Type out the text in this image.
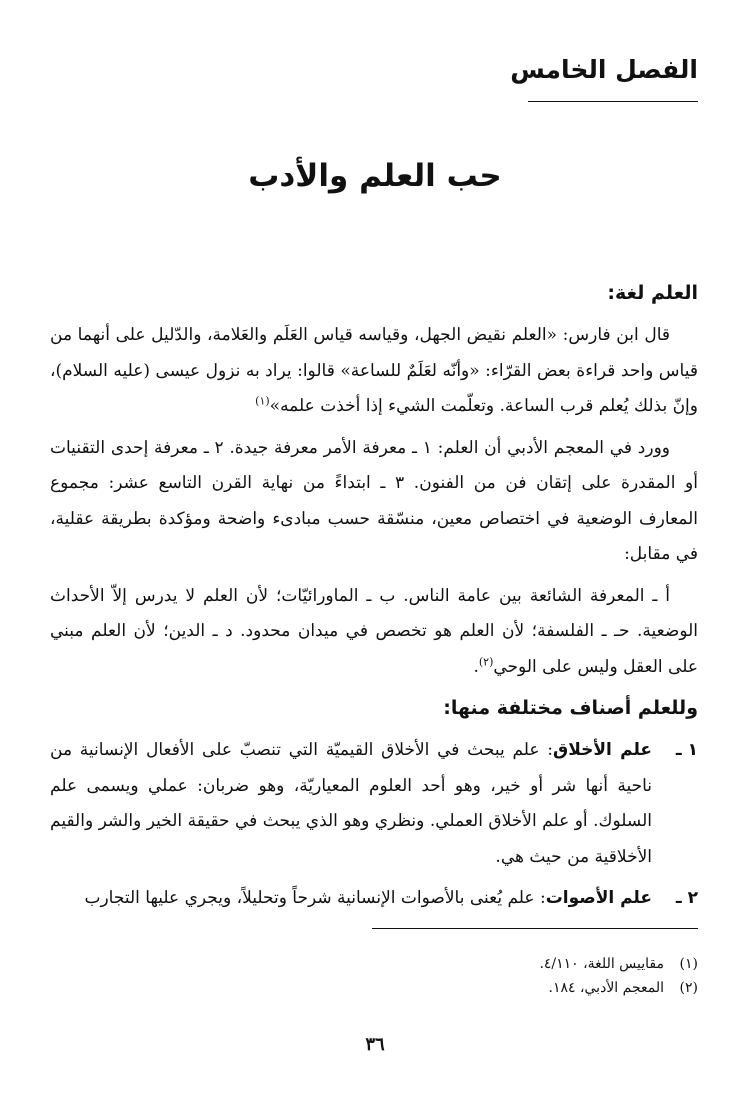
الفصل الخامس
حب العلم والأدب
العلم لغة:

قال ابن فارس: «العلم نقيض الجهل، وقياسه قياس العَلَم والعَلامة، والدّليل على أنهما من قياس واحد قراءة بعض القرّاء: «وأنّه لعَلَمٌ للساعة» قالوا: يراد به نزول عيسى (عليه السلام)، وإنّ بذلك يُعلم قرب الساعة. وتعلّمت الشيء إذا أخذت علمه»$^{(١)}$

وورد في المعجم الأدبي أن العلم: ١ ـ معرفة الأمر معرفة جيدة. ٢ ـ معرفة إحدى التقنيات أو المقدرة على إتقان فن من الفنون. ٣ ـ ابتداءً من نهاية القرن التاسع عشر: مجموع المعارف الوضعية في اختصاص معين، منسّقة حسب مبادىء واضحة ومؤكدة بطريقة عقلية، في مقابل:

أ ـ المعرفة الشائعة بين عامة الناس. ب ـ الماورائيّات؛ لأن العلم لا يدرس إلاّ الأحداث الوضعية. حـ ـ الفلسفة؛ لأن العلم هو تخصص في ميدان محدود. د ـ الدين؛ لأن العلم مبني على العقل وليس على الوحي$^{(٢)}$.

وللعلم أصناف مختلفة منها:
١ ـ
علم الأخلاق: علم يبحث في الأخلاق القيميّة التي تنصبّ على الأفعال الإنسانية من ناحية أنها شر أو خير، وهو أحد العلوم المعياريّة، وهو ضربان: عملي ويسمى علم السلوك. أو علم الأخلاق العملي. ونظري وهو الذي يبحث في حقيقة الخير والشر والقيم الأخلاقية من حيث هي.
٢ ـ
علم الأصوات: علم يُعنى بالأصوات الإنسانية شرحاً وتحليلاً، ويجري عليها التجارب

(١)مقاييس اللغة، ٤/١١٠.

(٢)المعجم الأدبي، ١٨٤.

٣٦
